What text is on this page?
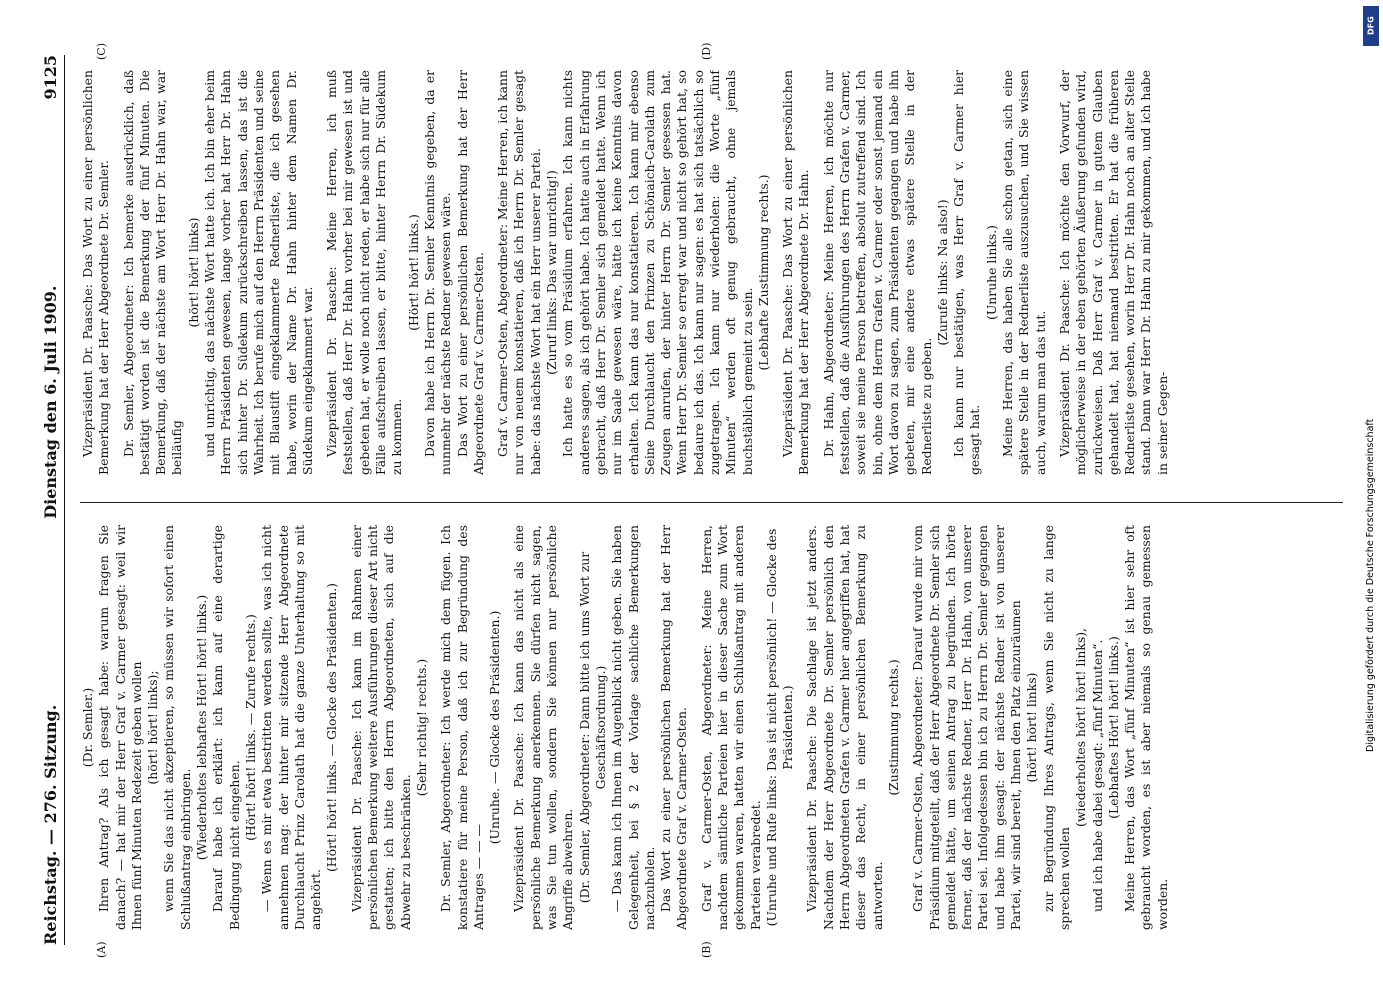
Reichstag. — 276. Sitzung.
Dienstag den 6. Juli 1909.
9125
(A)	(B)
(C)	(D)

(Dr. Semler.) Ihren Antrag? Als ich gesagt habe: warum fragen Sie danach? — hat mir der Herr Graf v. Carmer gesagt: weil wir Ihnen fünf Minuten Redezeit geben wollen (hört! hört! links); wenn Sie das nicht akzeptieren, so müssen wir sofort einen Schlußantrag einbringen. (Wiederholtes lebhaftes Hört! hört! links.) Darauf habe ich erklärt: ich kann auf eine derartige Bedingung nicht eingehen.

(Hört! hört! links. — Zurufe rechts.) — Wenn es mir etwa bestritten werden sollte, was ich nicht annehmen mag: der hinter mir sitzende Herr Abgeordnete Durchlaucht Prinz Carolath hat die ganze Unterhaltung so mit angehört.

(Hört! hört! links. — Glocke des Präsidenten.) Vizepräsident Dr. Paasche: Ich kann im Rahmen einer persönlichen Bemerkung weitere Ausführungen dieser Art nicht gestatten; ich bitte den Herrn Abgeordneten, sich auf die Abwehr zu beschränken.

(Sehr richtig! rechts.) Dr. Semler, Abgeordneter: Ich werde mich dem fügen. Ich konstatiere für meine Person, daß ich zur Begründung des Antrages — — —

(Unruhe. — Glocke des Präsidenten.) Vizepräsident Dr. Paasche: Ich kann das nicht als eine persönliche Bemerkung anerkennen. Sie dürfen nicht sagen, was Sie tun wollen, sondern Sie können nur persönliche Angriffe abwehren. (Dr. Semler, Abgeordneter: Dann bitte ich ums Wort zur Geschäftsordnung.) — Das kann ich Ihnen im Augenblick nicht geben. Sie haben Gelegenheit, bei § 2 der Vorlage sachliche Bemerkungen nachzuholen. Das Wort zu einer persönlichen Bemerkung hat der Herr Abgeordnete Graf v. Carmer-Osten. Graf v. Carmer-Osten, Abgeordneter: Meine Herren, nachdem sämtliche Parteien hier in dieser Sache zum Wort gekommen waren, hatten wir einen Schlußantrag mit anderen Parteien verabredet. (Unruhe und Rufe links: Das ist nicht persönlich! — Glocke des Präsidenten.) Vizepräsident Dr. Paasche: Die Sachlage ist jetzt anders. Nachdem der Herr Abgeordnete Dr. Semler persönlich den Herrn Abgeordneten Grafen v. Carmer hier angegriffen hat, hat dieser das Recht, in einer persönlichen Bemerkung zu antworten.

(Zustimmung rechts.) Graf v. Carmer-Osten, Abgeordneter: Darauf wurde mir vom Präsidium mitgeteilt, daß der Herr Abgeordnete Dr. Semler sich gemeldet hätte, um seinen Antrag zu begründen. Ich hörte ferner, daß der nächste Redner, Herr Dr. Hahn, von unserer Partei sei. Infolgedessen bin ich zu Herrn Dr. Semler gegangen und habe ihm gesagt: der nächste Redner ist von unserer Partei, wir sind bereit, Ihnen den Platz einzuräumen (hört! hört! links) zur Begründung Ihres Antrags, wenn Sie nicht zu lange sprechen wollen

(wiederholtes hört! hört! links), und ich habe dabei gesagt: „fünf Minuten“. (Lebhaftes Hört! hört! links.) Meine Herren, das Wort „fünf Minuten“ ist hier sehr oft gebraucht worden, es ist aber niemals so genau gemessen worden.

Vizepräsident Dr. Paasche: Das Wort zu einer persönlichen Bemerkung hat der Herr Abgeordnete Dr. Semler. Dr. Semler, Abgeordneter: Ich bemerke ausdrücklich, daß bestätigt worden ist die Bemerkung der fünf Minuten. Die Bemerkung, daß der nächste am Wort Herr Dr. Hahn war, war beiläufig

(hört! hört! links) und unrichtig, das nächste Wort hatte ich. Ich bin eher beim Herrn Präsidenten gewesen, lange vorher hat Herr Dr. Hahn sich hinter Dr. Südekum zurückschreiben lassen, das ist die Wahrheit. Ich berufe mich auf den Herrn Präsidenten und seine mit Blaustift eingeklammerte Rednerliste, die ich gesehen habe, worin der Name Dr. Hahn hinter dem Namen Dr. Südekum eingeklammert war. Vizepräsident Dr. Paasche: Meine Herren, ich muß feststellen, daß Herr Dr. Hahn vorher bei mir gewesen ist und gebeten hat, er wolle noch nicht reden, er habe sich nur für alle Fälle aufschreiben lassen, er bitte, hinter Herrn Dr. Südekum zu kommen.

(Hört! hört! links.) Davon habe ich Herrn Dr. Semler Kenntnis gegeben, da er nunmehr der nächste Redner gewesen wäre. Das Wort zu einer persönlichen Bemerkung hat der Herr Abgeordnete Graf v. Carmer-Osten. Graf v. Carmer-Osten, Abgeordneter: Meine Herren, ich kann nur von neuem konstatieren, daß ich Herrn Dr. Semler gesagt habe: das nächste Wort hat ein Herr unserer Partei. (Zuruf links: Das war unrichtig!) Ich hatte es so vom Präsidium erfahren. Ich kann nichts anderes sagen, als ich gehört habe. Ich hatte auch in Erfahrung gebracht, daß Herr Dr. Semler sich gemeldet hatte. Wenn ich nur im Saale gewesen wäre, hätte ich keine Kenntnis davon erhalten. Ich kann das nur konstatieren. Ich kann mir ebenso Seine Durchlaucht den Prinzen zu Schönaich-Carolath zum Zeugen anrufen, der hinter Herrn Dr. Semler gesessen hat. Wenn Herr Dr. Semler so erregt war und nicht so gehört hat, so bedaure ich das. Ich kann nur sagen: es hat sich tatsächlich so zugetragen. Ich kann nur wiederholen: die Worte „fünf Minuten“ werden oft genug gebraucht, ohne jemals buchstäblich gemeint zu sein.

(Lebhafte Zustimmung rechts.) Vizepräsident Dr. Paasche: Das Wort zu einer persönlichen Bemerkung hat der Herr Abgeordnete Dr. Hahn. Dr. Hahn, Abgeordneter: Meine Herren, ich möchte nur feststellen, daß die Ausführungen des Herrn Grafen v. Carmer, soweit sie meine Person betreffen, absolut zutreffend sind. Ich bin, ohne dem Herrn Grafen v. Carmer oder sonst jemand ein Wort davon zu sagen, zum Präsidenten gegangen und habe ihn gebeten, mir eine andere etwas spätere Stelle in der Rednerliste zu geben.

(Zurufe links: Na also!) Ich kann nur bestätigen, was Herr Graf v. Carmer hier gesagt hat.

(Unruhe links.) Meine Herren, das haben Sie alle schon getan, sich eine spätere Stelle in der Rednerliste auszusuchen, und Sie wissen auch, warum man das tut. Vizepräsident Dr. Paasche: Ich möchte den Vorwurf, der möglicherweise in der eben gehörten Äußerung gefunden wird, zurückweisen. Daß Herr Graf v. Carmer in gutem Glauben gehandelt hat, hat niemand bestritten. Er hat die früheren Rednerliste gesehen, worin Herr Dr. Hahn noch an alter Stelle stand. Dann war Herr Dr. Hahn zu mir gekommen, und ich habe in seiner Gegen-

DFG
Digitalisierung gefördert durch die Deutsche Forschungsgemeinschaft
